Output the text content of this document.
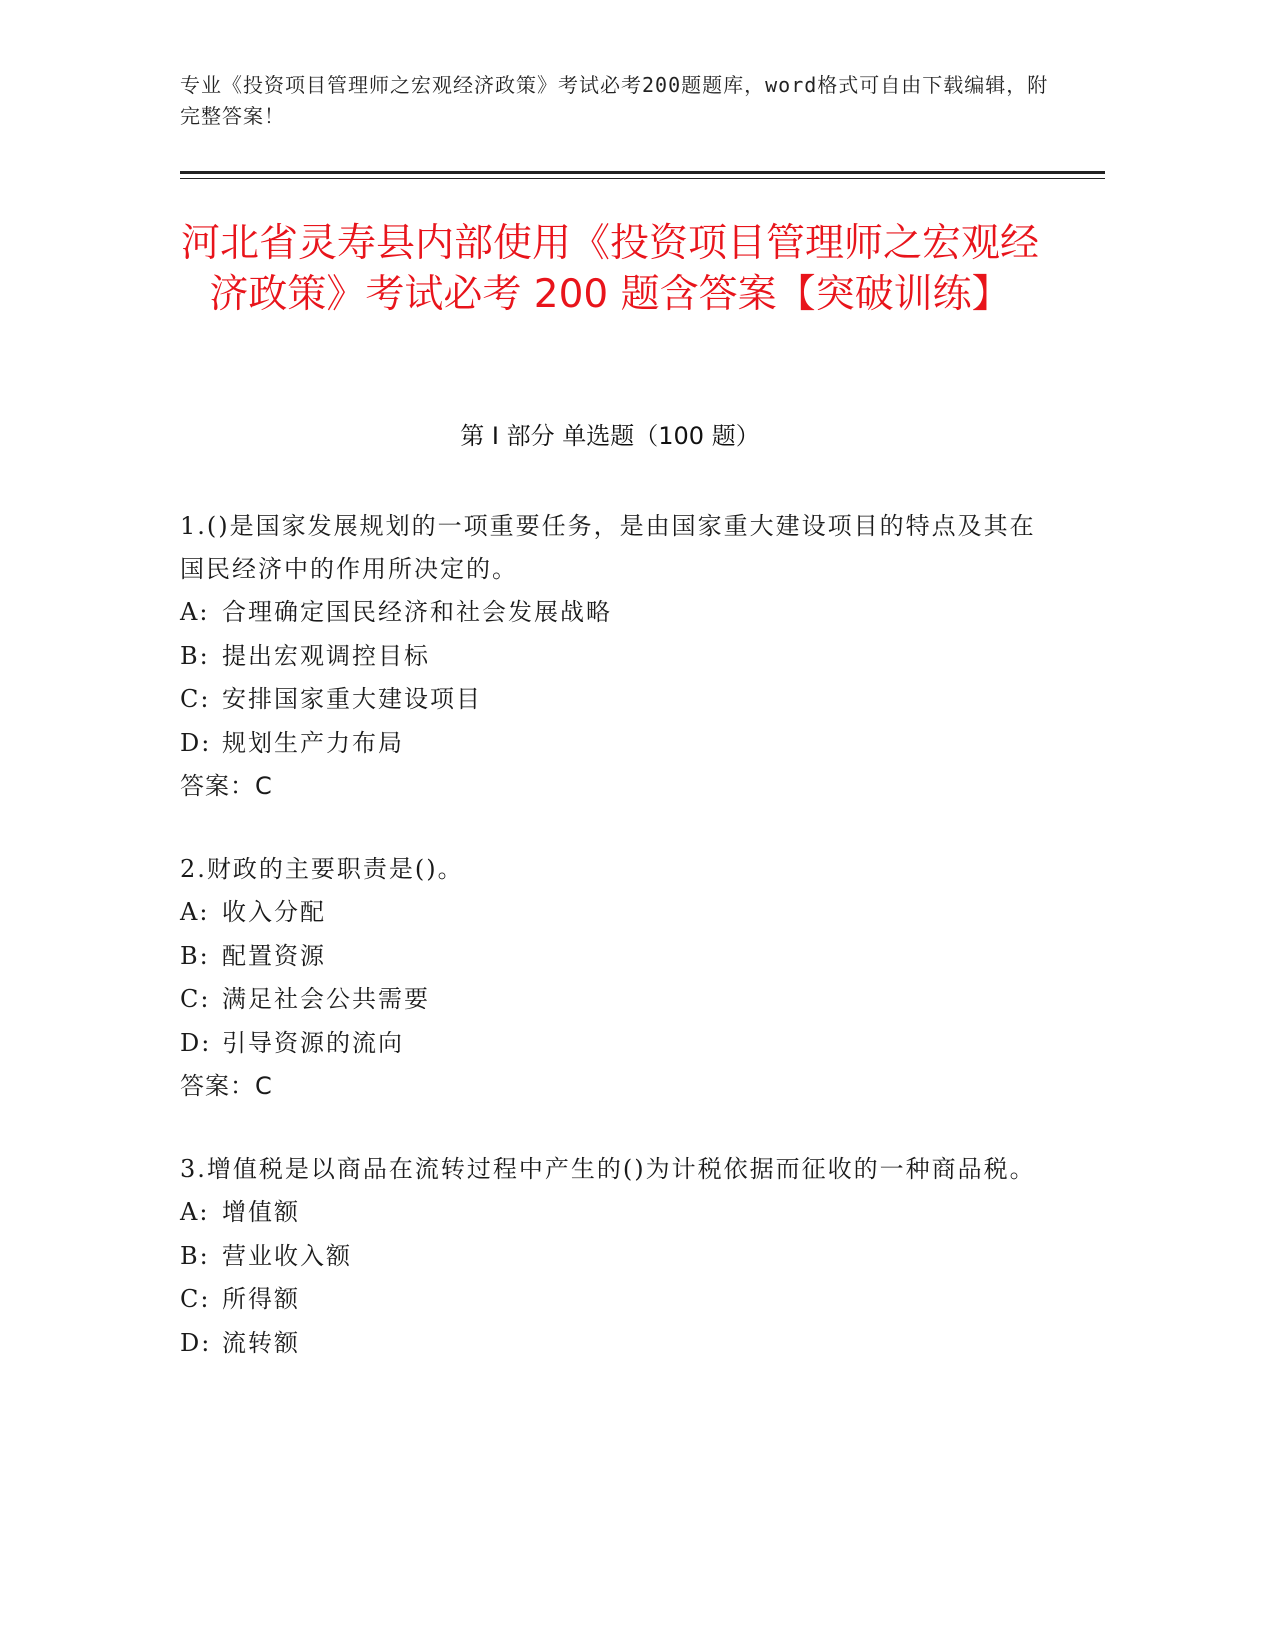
专业《投资项目管理师之宏观经济政策》考试必考200题题库，word格式可自由下载编辑，附完整答案！
河北省灵寿县内部使用《投资项目管理师之宏观经济政策》考试必考 200 题含答案【突破训练】
第 I 部分 单选题（100 题）
1.()是国家发展规划的一项重要任务，是由国家重大建设项目的特点及其在国民经济中的作用所决定的。
A: 合理确定国民经济和社会发展战略
B: 提出宏观调控目标
C: 安排国家重大建设项目
D: 规划生产力布局
答案：C
2.财政的主要职责是()。
A: 收入分配
B: 配置资源
C: 满足社会公共需要
D: 引导资源的流向
答案：C
3.增值税是以商品在流转过程中产生的()为计税依据而征收的一种商品税。
A: 增值额
B: 营业收入额
C: 所得额
D: 流转额
